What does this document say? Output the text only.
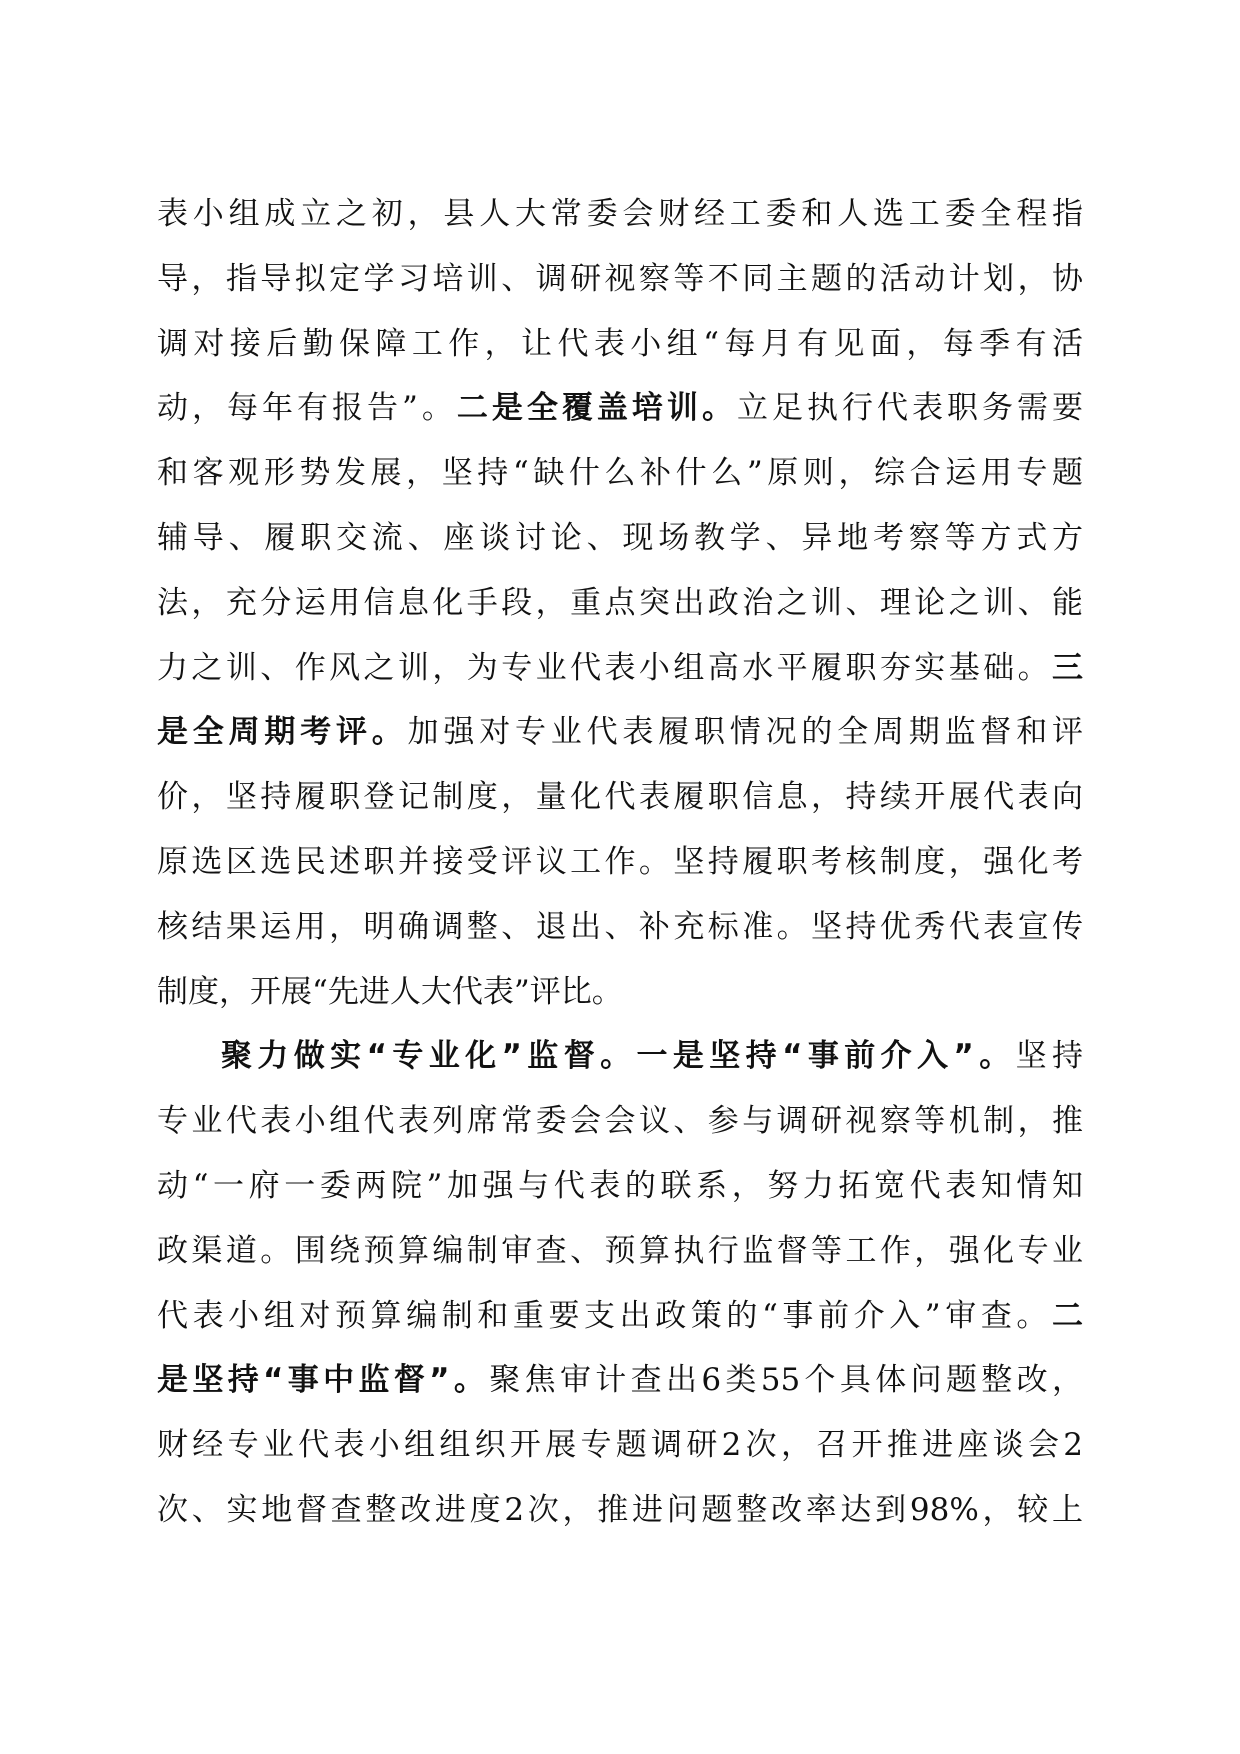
表小组成立之初，县人大常委会财经工委和人选工委全程指
导，指导拟定学习培训、调研视察等不同主题的活动计划，协
调对接后勤保障工作，让代表小组“每月有见面，每季有活
动，每年有报告”。二是全覆盖培训。立足执行代表职务需要
和客观形势发展，坚持“缺什么补什么”原则，综合运用专题
辅导、履职交流、座谈讨论、现场教学、异地考察等方式方
法，充分运用信息化手段，重点突出政治之训、理论之训、能
力之训、作风之训，为专业代表小组高水平履职夯实基础。三
是全周期考评。加强对专业代表履职情况的全周期监督和评
价，坚持履职登记制度，量化代表履职信息，持续开展代表向
原选区选民述职并接受评议工作。坚持履职考核制度，强化考
核结果运用，明确调整、退出、补充标准。坚持优秀代表宣传
制度，开展“先进人大代表”评比。
聚力做实“专业化”监督。一是坚持“事前介入”。坚持
专业代表小组代表列席常委会会议、参与调研视察等机制，推
动“一府一委两院”加强与代表的联系，努力拓宽代表知情知
政渠道。围绕预算编制审查、预算执行监督等工作，强化专业
代表小组对预算编制和重要支出政策的“事前介入”审查。二
是坚持“事中监督”。聚焦审计查出6类55个具体问题整改，
财经专业代表小组组织开展专题调研2次，召开推进座谈会2
次、实地督查整改进度2次，推进问题整改率达到98%，较上
